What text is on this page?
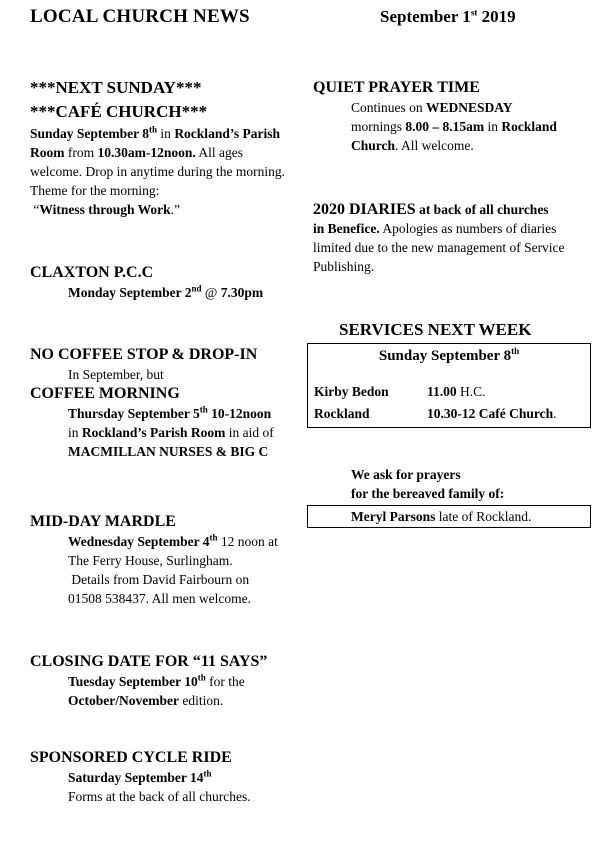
LOCAL CHURCH NEWS	September 1st 2019
***NEXT SUNDAY***
***CAFÉ CHURCH***
Sunday September 8th in Rockland’s Parish Room from 10.30am-12noon. All ages welcome. Drop in anytime during the morning. Theme for the morning:
“Witness through Work.”
CLAXTON P.C.C
Monday September 2nd @ 7.30pm
NO COFFEE STOP & DROP-IN
In September, but
COFFEE MORNING
Thursday September 5th 10-12noon
in Rockland’s Parish Room in aid of
MACMILLAN NURSES & BIG C
MID-DAY MARDLE
Wednesday September 4th 12 noon at
The Ferry House, Surlingham.
Details from David Fairbourn on
01508 538437. All men welcome.
CLOSING DATE FOR “11 SAYS”
Tuesday September 10th for the
October/November edition.
SPONSORED CYCLE RIDE
Saturday September 14th
Forms at the back of all churches.
QUIET PRAYER TIME
Continues on WEDNESDAY
mornings 8.00 – 8.15am in Rockland
Church. All welcome.
2020 DIARIES at back of all churches
in Benefice. Apologies as numbers of diaries limited due to the new management of Service Publishing.
SERVICES NEXT WEEK
Sunday September 8th
Kirby Bedon	11.00 H.C.
Rockland	10.30-12 Café Church.
We ask for prayers
for the bereaved family of:
Meryl Parsons late of Rockland.
